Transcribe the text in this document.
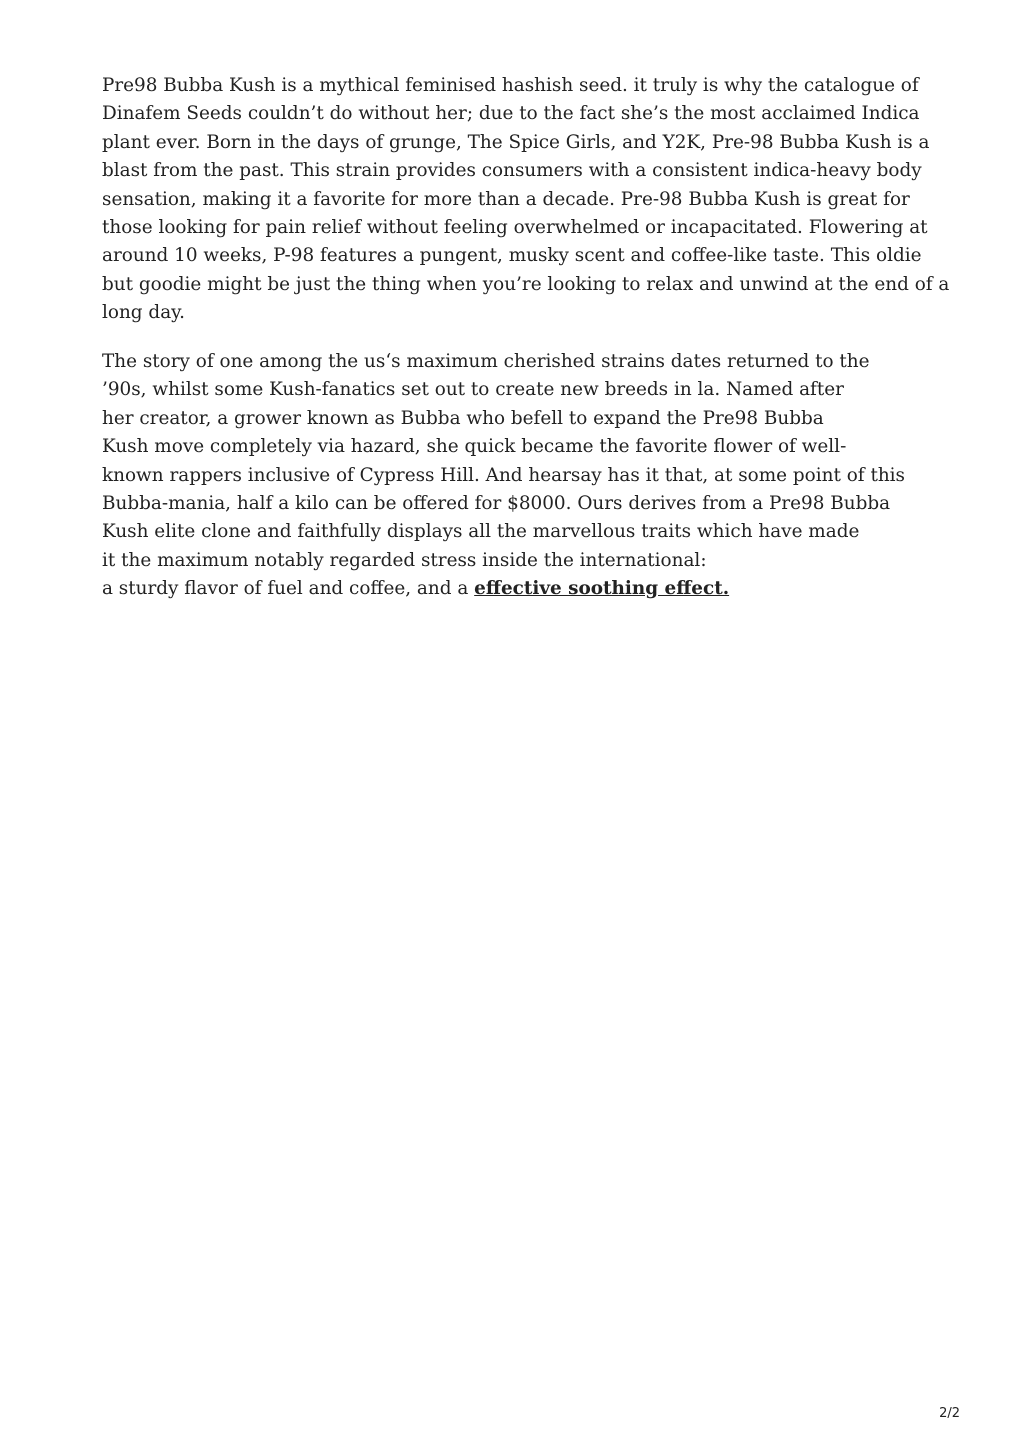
Pre98 Bubba Kush is a mythical feminised hashish seed. it truly is why the catalogue of
Dinafem Seeds couldn’t do without her; due to the fact she’s the most acclaimed Indica
plant ever. Born in the days of grunge, The Spice Girls, and Y2K, Pre-98 Bubba Kush is a
blast from the past. This strain provides consumers with a consistent indica-heavy body
sensation, making it a favorite for more than a decade. Pre-98 Bubba Kush is great for
those looking for pain relief without feeling overwhelmed or incapacitated. Flowering at
around 10 weeks, P-98 features a pungent, musky scent and coffee-like taste. This oldie
but goodie might be just the thing when you’re looking to relax and unwind at the end of a
long day.

The story of one among the us‘s maximum cherished strains dates returned to the
’90s, whilst some Kush-fanatics set out to create new breeds in la. Named after
her creator, a grower known as Bubba who befell to expand the Pre98 Bubba
Kush move completely via hazard, she quick became the favorite flower of well-
known rappers inclusive of Cypress Hill. And hearsay has it that, at some point of this
Bubba-mania, half a kilo can be offered for $8000. Ours derives from a Pre98 Bubba
Kush elite clone and faithfully displays all the marvellous traits which have made
it the maximum notably regarded stress inside the international:
a sturdy flavor of fuel and coffee, and a effective soothing effect.

2/2
